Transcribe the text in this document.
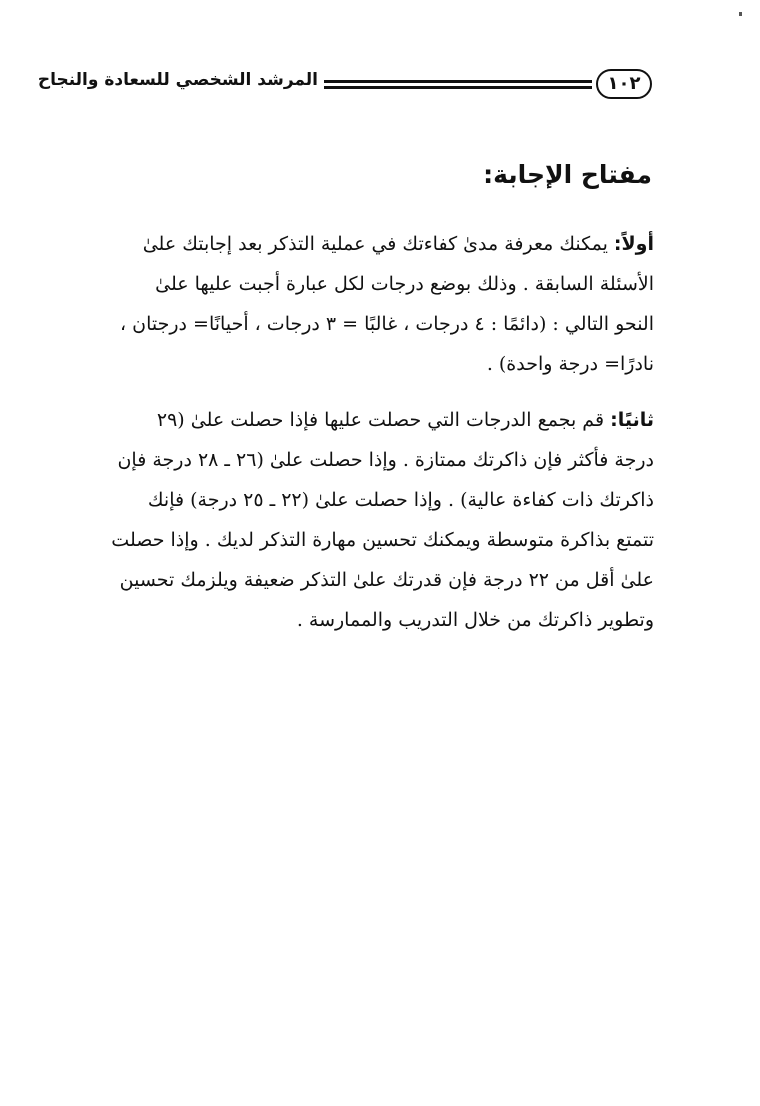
١٠٢
المرشد الشخصي للسعادة والنجاح
مفتاح الإجابة:
أولاً: يمكنك معرفة مدىٰ كفاءتك في عملية التذكر بعد إجابتك علىٰ
الأسئلة السابقة . وذلك بوضع درجات لكل عبارة أجبت عليها علىٰ
النحو التالي : (دائمًا : ٤ درجات ، غالبًا = ٣ درجات ، أحيانًا= درجتان ،
نادرًا= درجة واحدة) .
ثانيًا: قم بجمع الدرجات التي حصلت عليها فإذا حصلت علىٰ (٢٩
درجة فأكثر فإن ذاكرتك ممتازة . وإذا حصلت علىٰ (٢٦ ـ ٢٨ درجة فإن
ذاكرتك ذات كفاءة عالية) . وإذا حصلت علىٰ (٢٢ ـ ٢٥ درجة) فإنك
تتمتع بذاكرة متوسطة ويمكنك تحسين مهارة التذكر لديك . وإذا حصلت
علىٰ أقل من ٢٢ درجة فإن قدرتك علىٰ التذكر ضعيفة ويلزمك تحسين
وتطوير ذاكرتك من خلال التدريب والممارسة .
